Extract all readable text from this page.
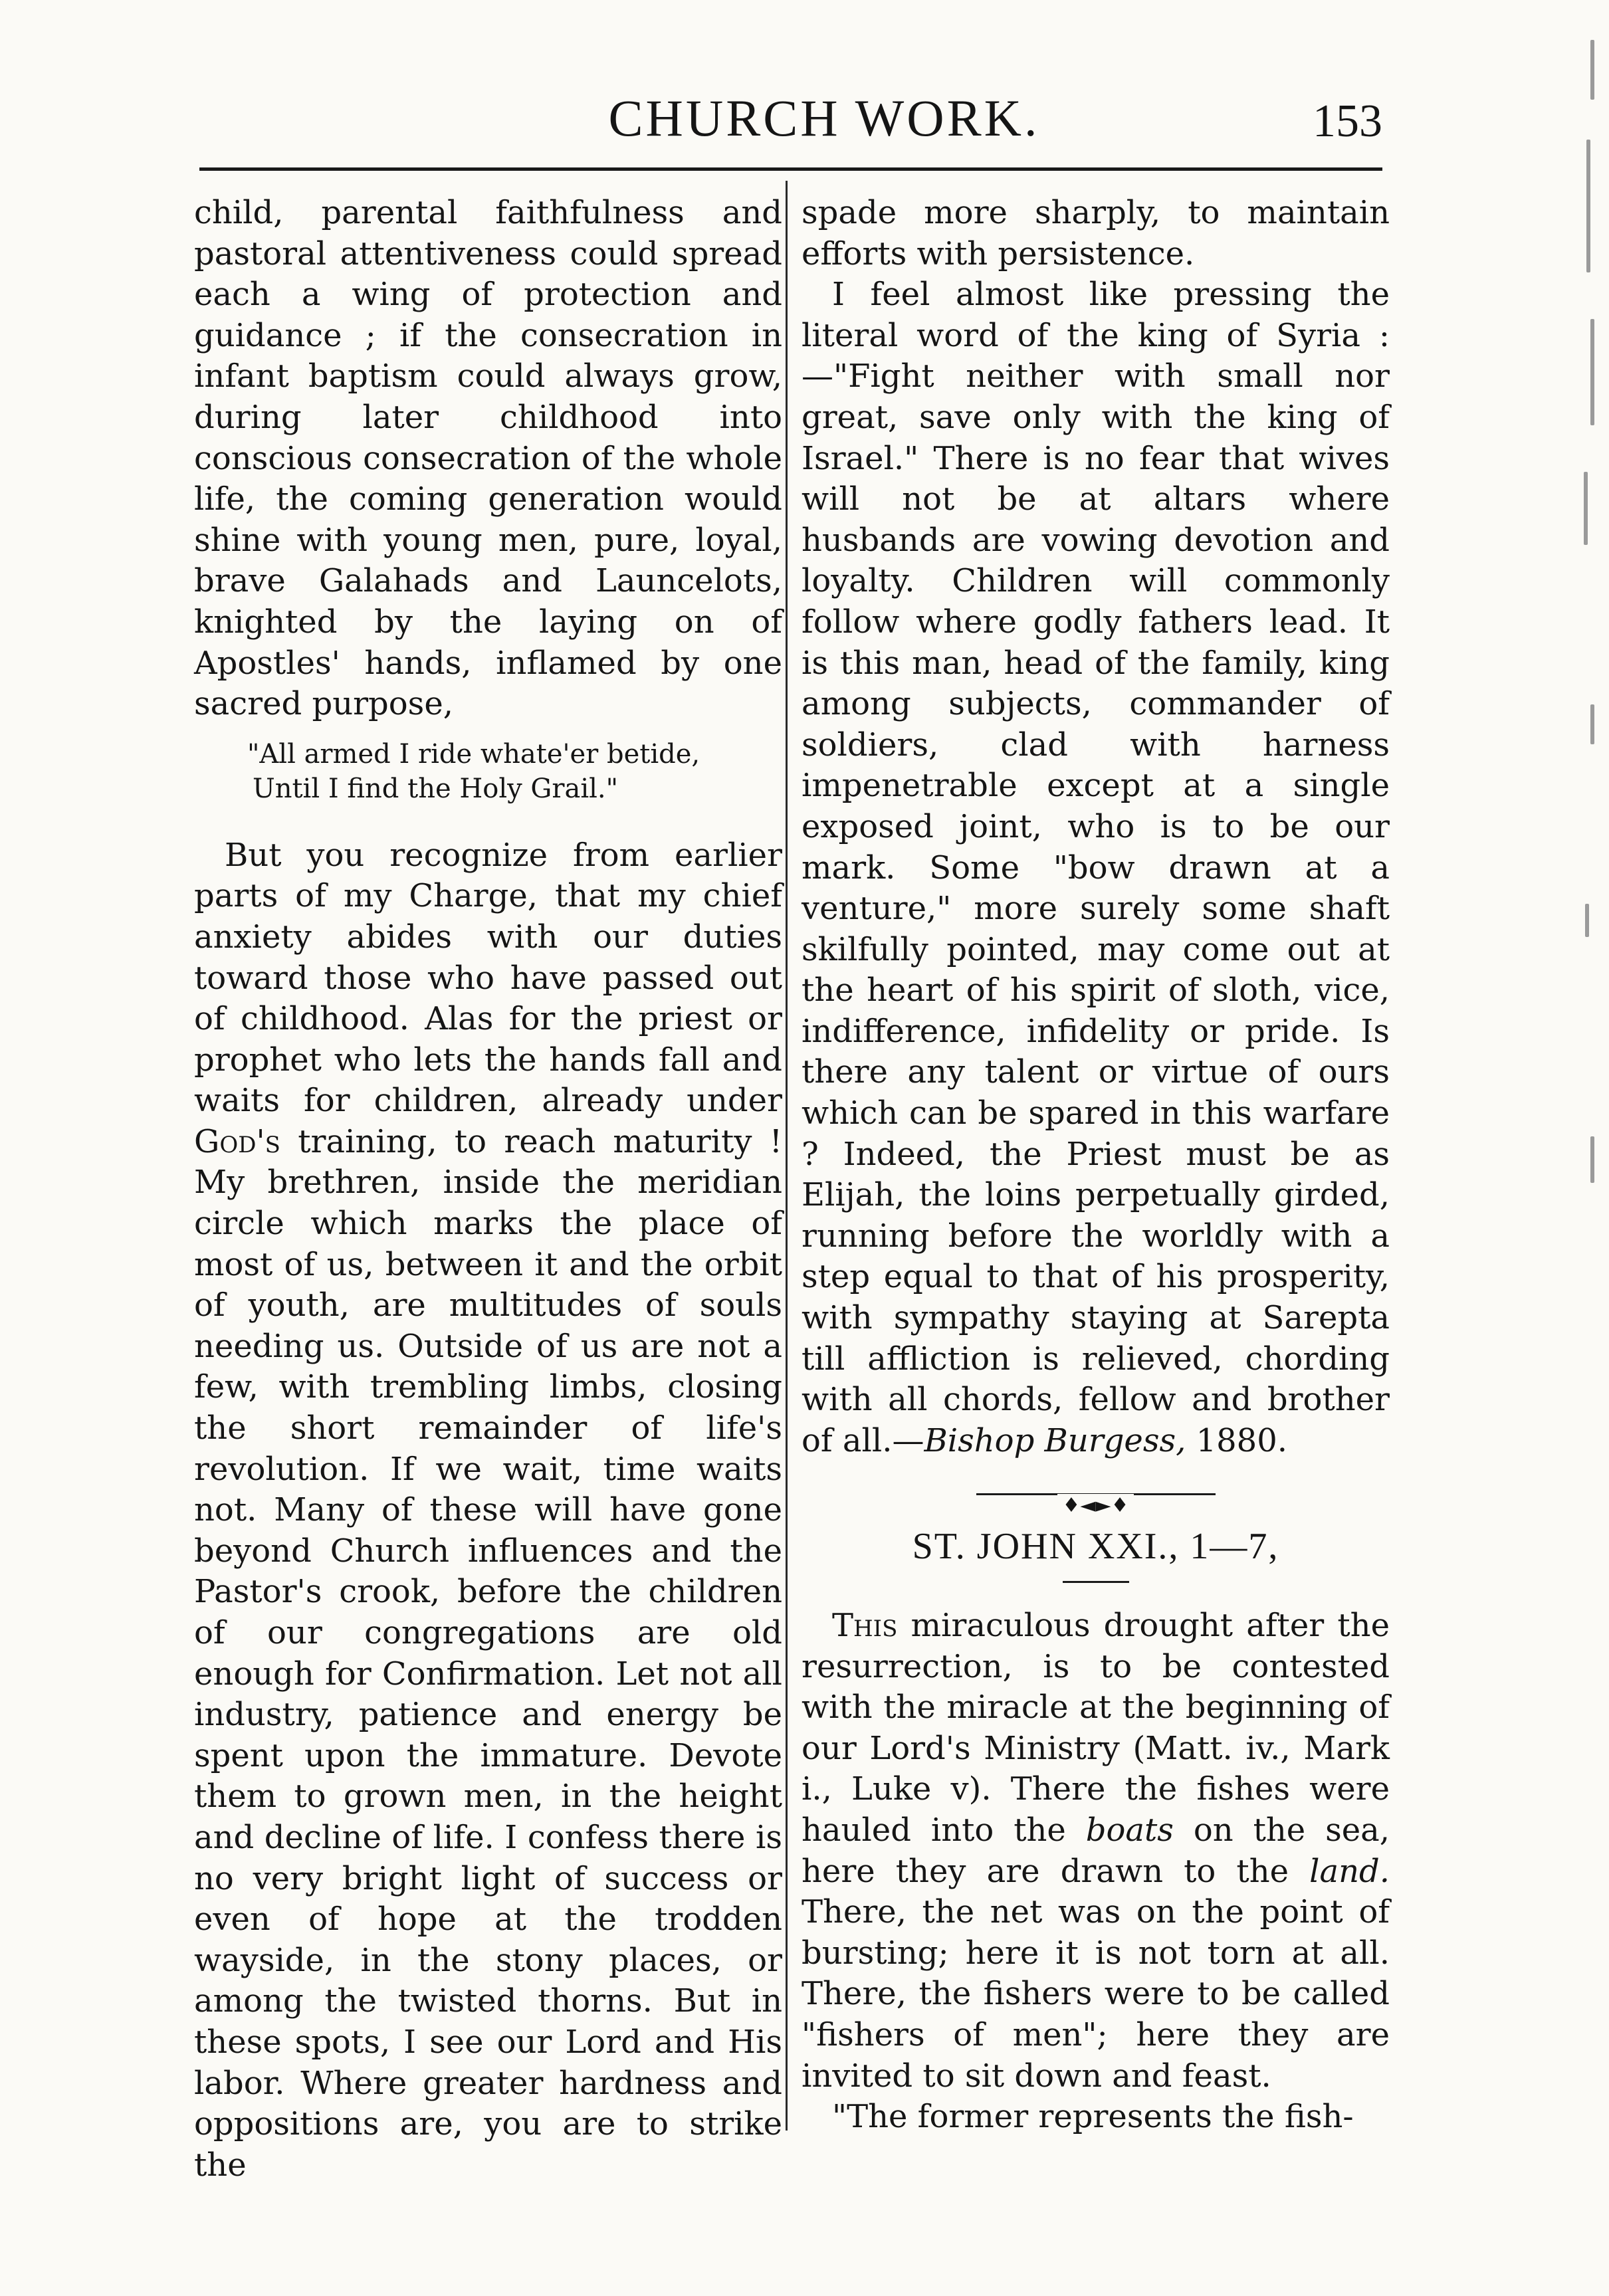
CHURCH WORK.	153

child, parental faithfulness and pastoral attentiveness could spread each a wing of protection and guidance ; if the consecration in infant baptism could always grow, during later childhood into conscious consecration of the whole life, the coming generation would shine with young men, pure, loyal, brave Galahads and Launcelots, knighted by the laying on of Apostles' hands, inflamed by one sacred purpose,

"All armed I ride whate'er betide,
Until I find the Holy Grail."

But you recognize from earlier parts of my Charge, that my chief anxiety abides with our duties toward those who have passed out of childhood. Alas for the priest or prophet who lets the hands fall and waits for children, already under God's training, to reach maturity ! My brethren, inside the meridian circle which marks the place of most of us, between it and the orbit of youth, are multitudes of souls needing us. Outside of us are not a few, with trembling limbs, closing the short remainder of life's revolution. If we wait, time waits not. Many of these will have gone beyond Church influences and the Pastor's crook, before the children of our congregations are old enough for Confirmation. Let not all industry, patience and energy be spent upon the immature. Devote them to grown men, in the height and decline of life. I confess there is no very bright light of success or even of hope at the trodden wayside, in the stony places, or among the twisted thorns. But in these spots, I see our Lord and His labor. Where greater hardness and oppositions are, you are to strike the

spade more sharply, to maintain efforts with persistence.

I feel almost like pressing the literal word of the king of Syria : —"Fight neither with small nor great, save only with the king of Israel." There is no fear that wives will not be at altars where husbands are vowing devotion and loyalty. Children will commonly follow where godly fathers lead. It is this man, head of the family, king among subjects, commander of soldiers, clad with harness impenetrable except at a single exposed joint, who is to be our mark. Some "bow drawn at a venture," more surely some shaft skilfully pointed, may come out at the heart of his spirit of sloth, vice, indifference, infidelity or pride. Is there any talent or virtue of ours which can be spared in this warfare ? Indeed, the Priest must be as Elijah, the loins perpetually girded, running before the worldly with a step equal to that of his prosperity, with sympathy staying at Sarepta till affliction is relieved, chording with all chords, fellow and brother of all.—Bishop Burgess, 1880.

♦◄►♦
ST. JOHN XXI., 1—7,

This miraculous drought after the resurrection, is to be contested with the miracle at the beginning of our Lord's Ministry (Matt. iv., Mark i., Luke v). There the fishes were hauled into the boats on the sea, here they are drawn to the land. There, the net was on the point of bursting; here it is not torn at all. There, the fishers were to be called "fishers of men"; here they are invited to sit down and feast.

"The former represents the fish-
